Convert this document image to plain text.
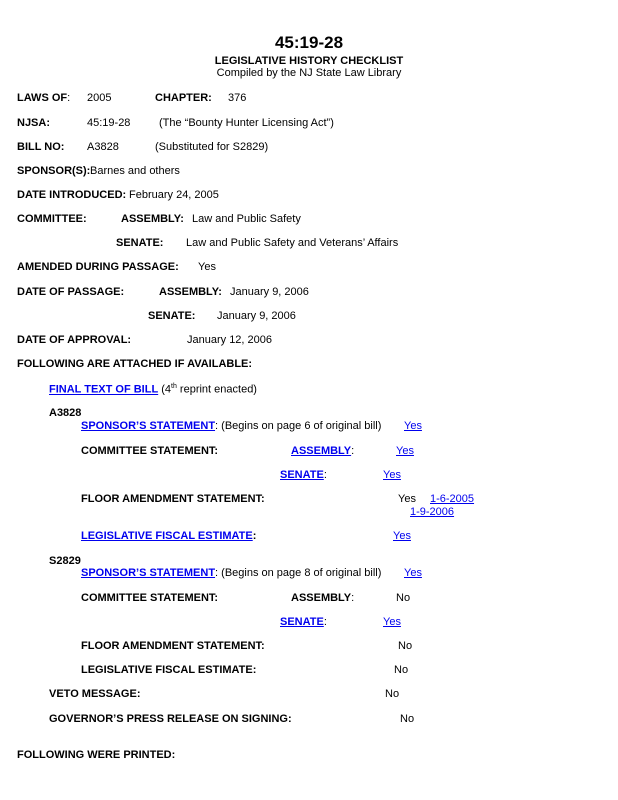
45:19-28
LEGISLATIVE HISTORY CHECKLIST
Compiled by the NJ State Law Library
LAWS OF: 2005	CHAPTER: 376
NJSA:	45:19-28	(The “Bounty Hunter Licensing Act”)
BILL NO: A3828	(Substituted for S2829)
SPONSOR(S): Barnes and others
DATE INTRODUCED: February 24, 2005
COMMITTEE:	ASSEMBLY: Law and Public Safety
SENATE: Law and Public Safety and Veterans’ Affairs
AMENDED DURING PASSAGE: Yes
DATE OF PASSAGE:	ASSEMBLY: January 9, 2006
SENATE: January 9, 2006
DATE OF APPROVAL:	January 12, 2006
FOLLOWING ARE ATTACHED IF AVAILABLE:
FINAL TEXT OF BILL (4th reprint enacted)
A3828
SPONSOR’S STATEMENT: (Begins on page 6 of original bill) Yes
COMMITTEE STATEMENT:	ASSEMBLY:	Yes
SENATE:	Yes
FLOOR AMENDMENT STATEMENT:	Yes 1-6-2005
1-9-2006
LEGISLATIVE FISCAL ESTIMATE:	Yes
S2829
SPONSOR’S STATEMENT: (Begins on page 8 of original bill) Yes
COMMITTEE STATEMENT:	ASSEMBLY:	No
SENATE:	Yes
FLOOR AMENDMENT STATEMENT:	No
LEGISLATIVE FISCAL ESTIMATE:	No
VETO MESSAGE:	No
GOVERNOR’S PRESS RELEASE ON SIGNING:	No
FOLLOWING WERE PRINTED:
